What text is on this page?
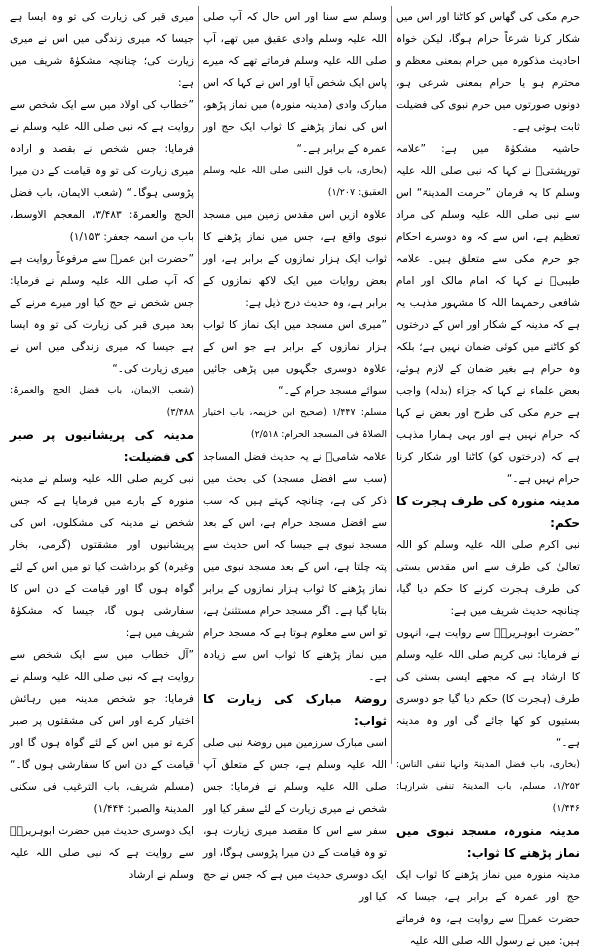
حرم مکی کی گھاس کو کاٹنا اور اس میں شکار کرنا شرعاً حرام ہوگا، لیکن خواہ احادیث مذکورہ میں حرام بمعنی معظم و محترم ہو یا حرام بمعنی شرعی ہو، دونوں صورتوں میں حرم نبوی کی فضیلت ثابت ہوتی ہے۔

حاشیہ مشکوٰۃ میں ہے: ”علامہ تورپشتیؒ نے کہا کہ نبی صلی اللہ علیہ وسلم کا یہ فرمان ”حرمت المدینۃ“ اس سے نبی صلی اللہ علیہ وسلم کی مراد تعظیم ہے، اس سے کہ وہ دوسرے احکام جو حرم مکی سے متعلق ہیں۔ علامہ طیبیؒ نے کہا کہ امام مالک اور امام شافعی رحمہما اللہ کا مشہور مذہب یہ ہے کہ مدینہ کے شکار اور اس کے درختوں کو کاٹنے میں کوئی ضمان نہیں ہے؛ بلکہ وہ حرام ہے بغیر ضمان کے لازم ہوئے، بعض علماء نے کہا کہ جزاء (بدلہ) واجب ہے حرم مکی کی طرح اور بعض نے کہا کہ حرام نہیں ہے اور یہی ہمارا مذہب ہے کہ (درختوں کو) کاٹنا اور شکار کرنا حرام نہیں ہے۔“

مدینہ منورہ کی طرف ہجرت کا حکم:

نبی اکرم صلی اللہ علیہ وسلم کو اللہ تعالیٰ کی طرف سے اس مقدس بستی کی طرف ہجرت کرنے کا حکم دیا گیا، چنانچہ حدیث شریف میں ہے:

”حضرت ابوہریرہؓ سے روایت ہے، انہوں نے فرمایا: نبی کریم صلی اللہ علیہ وسلم کا ارشاد ہے کہ مجھے ایسی بستی کی طرف (ہجرت کا) حکم دیا گیا جو دوسری بستیوں کو کھا جائے گی اور وہ مدینہ ہے۔“

(بخاری، باب فضل المدینۃ وانہا تنفی الناس: ۱/۲۵۲، مسلم، باب المدینۃ تنفی شرارہا: ۱/۴۴۶)

مدینہ منورہ، مسجد نبوی میں نماز پڑھنے کا ثواب:

مدینہ منورہ میں نماز پڑھنے کا ثواب ایک حج اور عمرہ کے برابر ہے، جیسا کہ حضرت عمرؓ سے روایت ہے، وہ فرماتے ہیں: میں نے رسول اللہ صلی اللہ علیہ

وسلم سے سنا اور اس حال کہ آپ صلی اللہ علیہ وسلم وادی عقیق میں تھے، آپ صلی اللہ علیہ وسلم فرماتے تھے کہ میرے پاس ایک شخص آیا اور اس نے کہا کہ اس مبارک وادی (مدینہ منورہ) میں نماز پڑھو، اس کی نماز پڑھنے کا ثواب ایک حج اور عمرہ کے برابر ہے۔“

(بخاری، باب قول النبی صلی اللہ علیہ وسلم العقیق: ۱/۲۰۷)

علاوہ ازیں اس مقدس زمین میں مسجد نبوی واقع ہے، جس میں نماز پڑھنے کا ثواب ایک ہزار نمازوں کے برابر ہے، اور بعض روایات میں ایک لاکھ نمازوں کے برابر ہے، وہ حدیث درج ذیل ہے:

”میری اس مسجد میں ایک نماز کا ثواب ہزار نمازوں کے برابر ہے جو اس کے علاوہ دوسری جگہوں میں پڑھی جائیں سوائے مسجد حرام کے۔“

مسلم: ۱/۴۴۷ (صحیح ابن خزیمہ، باب اختیار الصلاۃ فی المسجد الحرام: ۲/۵۱۸)

علامہ شامیؒ نے یہ حدیث فضل المساجد (سب سے افضل مسجد) کی بحث میں ذکر کی ہے، چنانچہ کہتے ہیں کہ سب سے افضل مسجد حرام ہے، اس کے بعد مسجد نبوی ہے جیسا کہ اس حدیث سے پتہ چلتا ہے، اس کے بعد مسجد نبوی میں نماز پڑھنے کا ثواب ہزار نمازوں کے برابر بتایا گیا ہے۔ اگر مسجد حرام مستثنیٰ ہے، تو اس سے معلوم ہوتا ہے کہ مسجد حرام میں نماز پڑھنے کا ثواب اس سے زیادہ ہے۔

روضۂ مبارک کی زیارت کا ثواب:

اسی مبارک سرزمین میں روضۂ نبی صلی اللہ علیہ وسلم ہے، جس کے متعلق آپ صلی اللہ علیہ وسلم نے فرمایا: جس شخص نے میری زیارت کے لئے سفر کیا اور سفر سے اس کا مقصد میری زیارت ہو، تو وہ قیامت کے دن میرا پڑوسی ہوگا، اور ایک دوسری حدیث میں ہے کہ جس نے حج کیا اور

میری قبر کی زیارت کی تو وہ ایسا ہے جیسا کہ میری زندگی میں اس نے میری زیارت کی؛ چنانچہ مشکوٰۃ شریف میں ہے:

”خطاب کی اولاد میں سے ایک شخص سے روایت ہے کہ نبی صلی اللہ علیہ وسلم نے فرمایا: جس شخص نے بقصد و ارادہ میری زیارت کی تو وہ قیامت کے دن میرا پڑوسی ہوگا۔“ (شعب الایمان، باب فضل الحج والعمرۃ: ۳/۴۸۳، المعجم الاوسط، باب من اسمہ جعفر: ۱/۱۵۳)

”حضرت ابن عمرؓ سے مرفوعاً روایت ہے کہ آپ صلی اللہ علیہ وسلم نے فرمایا: جس شخص نے حج کیا اور میرے مرنے کے بعد میری قبر کی زیارت کی تو وہ ایسا ہے جیسا کہ میری زندگی میں اس نے میری زیارت کی۔“

(شعب الایمان، باب فضل الحج والعمرۃ: ۳/۴۸۸)

مدینہ کی پریشانیوں پر صبر کی فضیلت:

نبی کریم صلی اللہ علیہ وسلم نے مدینہ منورہ کے بارے میں فرمایا ہے کہ جس شخص نے مدینہ کی مشکلوں، اس کی پریشانیوں اور مشقتوں (گرمی، بخار وغیرہ) کو برداشت کیا تو میں اس کے لئے گواہ ہوں گا اور قیامت کے دن اس کا سفارشی ہوں گا، جیسا کہ مشکوٰۃ شریف میں ہے:

”آل خطاب میں سے ایک شخص سے روایت ہے کہ نبی صلی اللہ علیہ وسلم نے فرمایا: جو شخص مدینہ میں رہائش اختیار کرے اور اس کی مشقتوں پر صبر کرے تو میں اس کے لئے گواہ ہوں گا اور قیامت کے دن اس کا سفارشی ہوں گا۔“ (مسلم شریف، باب الترغیب فی سکنی المدینۃ والصبر: ۱/۴۴۴)

ایک دوسری حدیث میں حضرت ابوہریرہؓ سے روایت ہے کہ نبی صلی اللہ علیہ وسلم نے ارشاد
